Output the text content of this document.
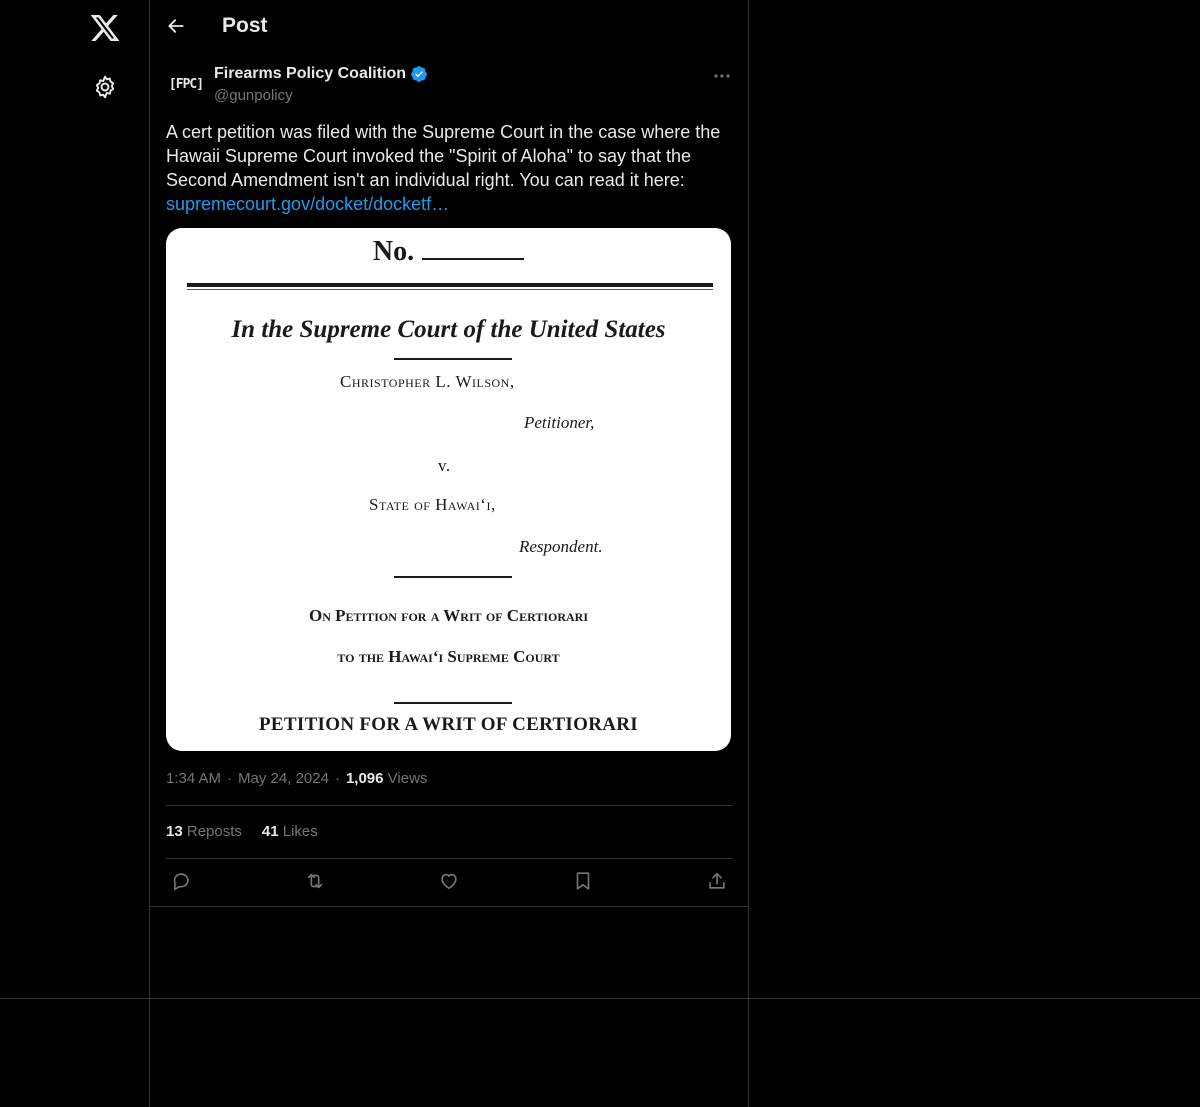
Post
[FPC]
Firearms Policy Coalition
@gunpolicy
A cert petition was filed with the Supreme Court in the case where the Hawaii Supreme Court invoked the "Spirit of Aloha" to say that the Second Amendment isn't an individual right. You can read it here:
supremecourt.gov/docket/docketf…
No.
In the Supreme Court of the United States
Christopher L. Wilson,
Petitioner,
v.
State of Hawai‘i,
Respondent.
On Petition for a Writ of Certiorari
to the Hawai‘i Supreme Court
PETITION FOR A WRIT OF CERTIORARI
1:34 AM · May 24, 2024 · 1,096 Views
13 Reposts 41 Likes
